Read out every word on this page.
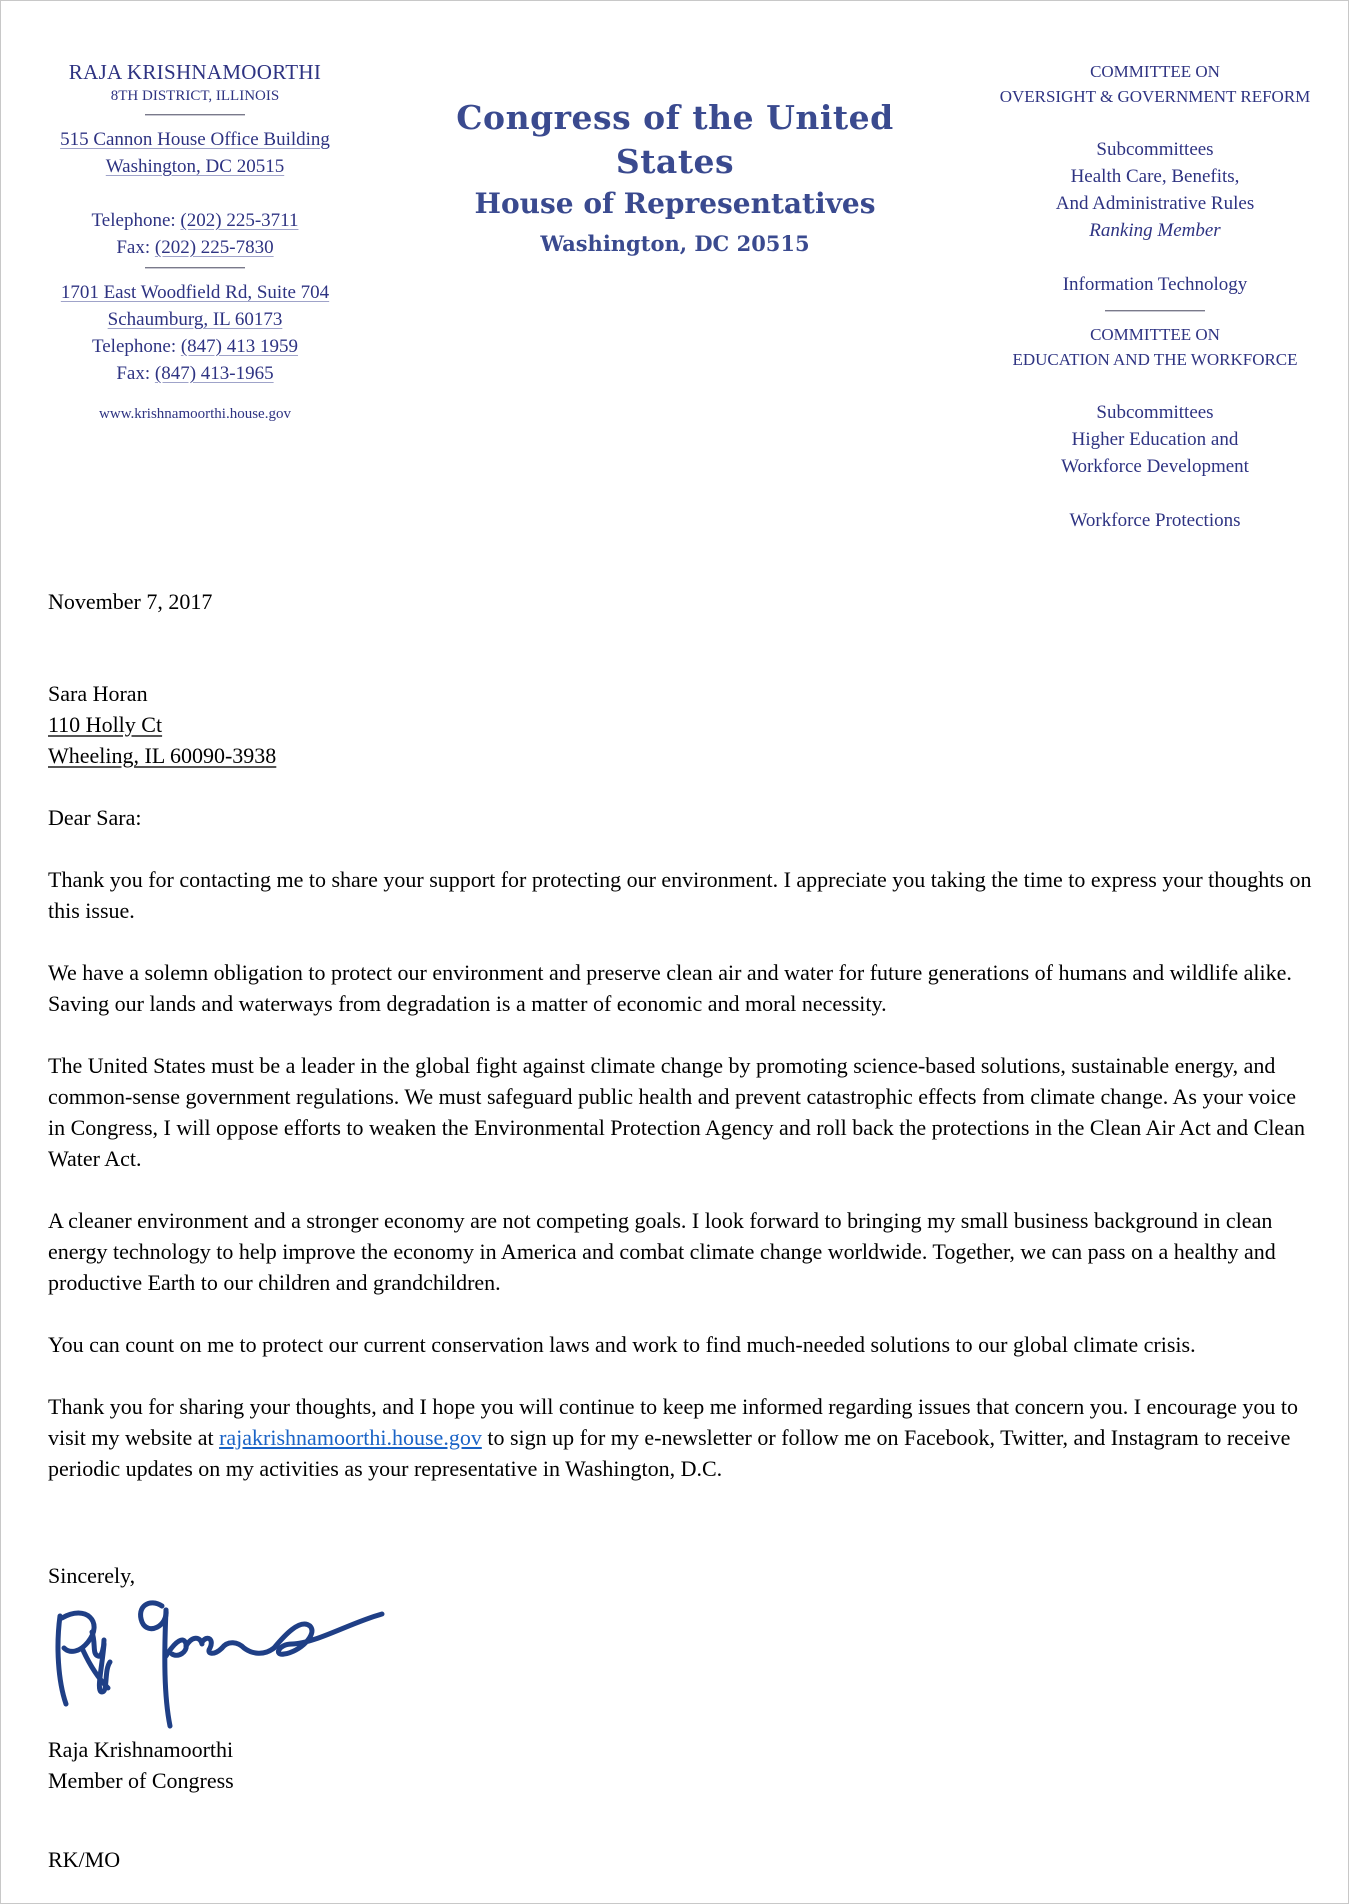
RAJA KRISHNAMOORTHI
8TH DISTRICT, ILLINOIS
515 Cannon House Office Building
Washington, DC 20515
Telephone: (202) 225-3711
Fax: (202) 225-7830
1701 East Woodfield Rd, Suite 704
Schaumburg, IL 60173
Telephone: (847) 413 1959
Fax: (847) 413-1965
www.krishnamoorthi.house.gov
Congress of the United States
House of Representatives
Washington, DC 20515
COMMITTEE ON
OVERSIGHT & GOVERNMENT REFORM
Subcommittees
Health Care, Benefits,
And Administrative Rules
Ranking Member
Information Technology
COMMITTEE ON
EDUCATION AND THE WORKFORCE
Subcommittees
Higher Education and
Workforce Development
Workforce Protections
November 7, 2017
Sara Horan
110 Holly Ct
Wheeling, IL 60090-3938
Dear Sara:

Thank you for contacting me to share your support for protecting our environment. I appreciate you taking the time to express your thoughts on this issue.

We have a solemn obligation to protect our environment and preserve clean air and water for future generations of humans and wildlife alike. Saving our lands and waterways from degradation is a matter of economic and moral necessity.

The United States must be a leader in the global fight against climate change by promoting science-based solutions, sustainable energy, and common-sense government regulations. We must safeguard public health and prevent catastrophic effects from climate change. As your voice in Congress, I will oppose efforts to weaken the Environmental Protection Agency and roll back the protections in the Clean Air Act and Clean Water Act.

A cleaner environment and a stronger economy are not competing goals. I look forward to bringing my small business background in clean energy technology to help improve the economy in America and combat climate change worldwide. Together, we can pass on a healthy and productive Earth to our children and grandchildren.

You can count on me to protect our current conservation laws and work to find much-needed solutions to our global climate crisis.

Thank you for sharing your thoughts, and I hope you will continue to keep me informed regarding issues that concern you. I encourage you to visit my website at rajakrishnamoorthi.house.gov to sign up for my e-newsletter or follow me on Facebook, Twitter, and Instagram to receive periodic updates on my activities as your representative in Washington, D.C.

Sincerely,
Raja Krishnamoorthi
Raja Krishnamoorthi
Member of Congress
RK/MO
